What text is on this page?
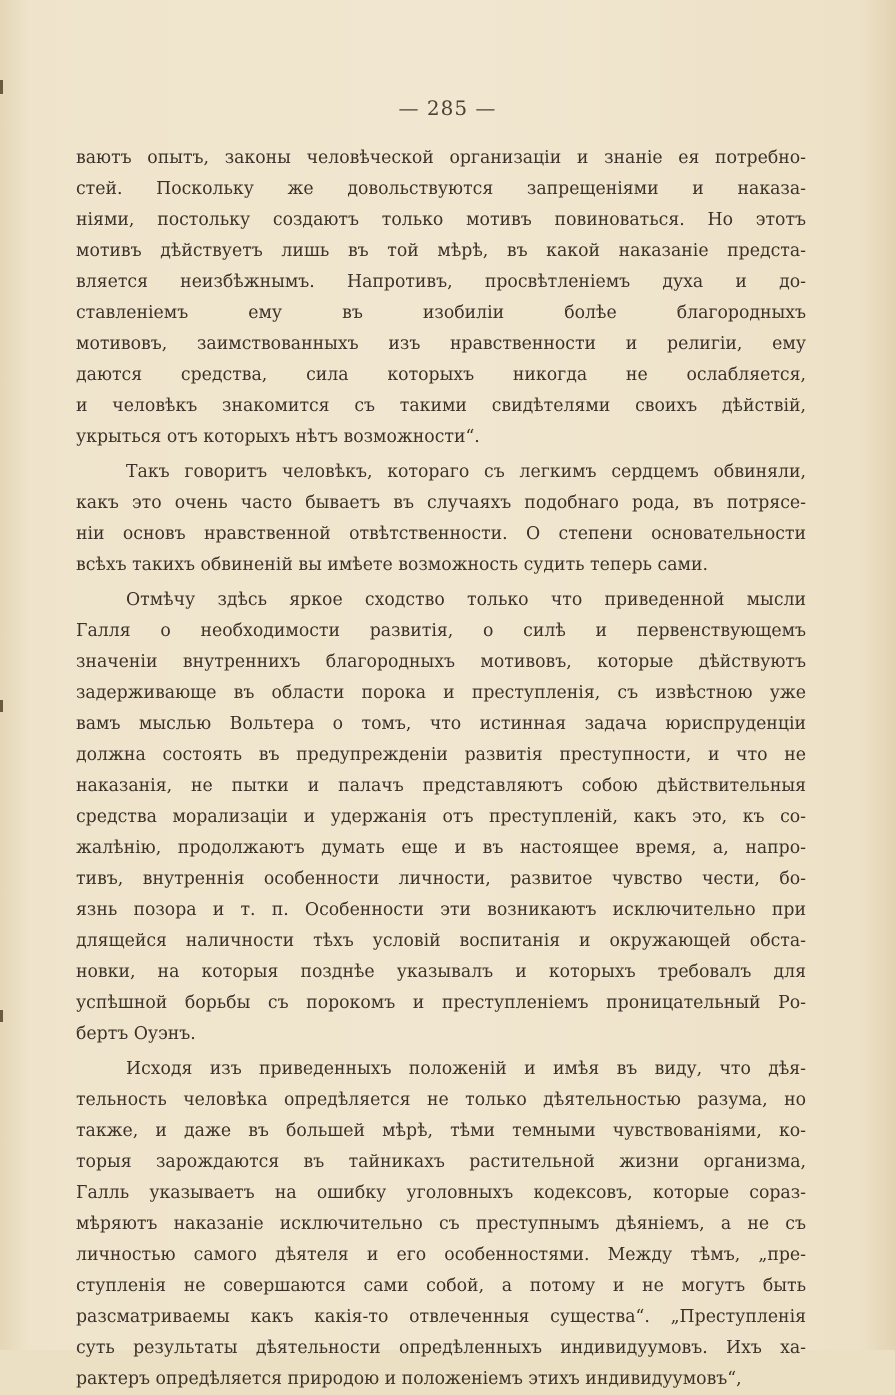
— 285 —
ваютъ опытъ, законы человѣческой организаціи и знаніе ея потребно-
стей. Поскольку же довольствуются запрещеніями и наказа-
ніями, постольку создаютъ только мотивъ повиноваться. Но этотъ
мотивъ дѣйствуетъ лишь въ той мѣрѣ, въ какой наказаніе предста-
вляется неизбѣжнымъ. Напротивъ, просвѣтленіемъ духа и до-
ставленіемъ ему въ изобиліи болѣе благородныхъ
мотивовъ, заимствованныхъ изъ нравственности и религіи, ему
даются средства, сила которыхъ никогда не ослабляется,
и человѣкъ знакомится съ такими свидѣтелями своихъ дѣйствій,
укрыться отъ которыхъ нѣтъ возможности“.
Такъ говоритъ человѣкъ, котораго съ легкимъ сердцемъ обвиняли,
какъ это очень часто бываетъ въ случаяхъ подобнаго рода, въ потрясе-
ніи основъ нравственной отвѣтственности. О степени основательности
всѣхъ такихъ обвиненій вы имѣете возможность судить теперь сами.
Отмѣчу здѣсь яркое сходство только что приведенной мысли
Галля о необходимости развитія, о силѣ и первенствующемъ
значеніи внутреннихъ благородныхъ мотивовъ, которые дѣйствуютъ
задерживающе въ области порока и преступленія, съ извѣстною уже
вамъ мыслью Вольтера о томъ, что истинная задача юриспруденціи
должна состоять въ предупрежденіи развитія преступности, и что не
наказанія, не пытки и палачъ представляютъ собою дѣйствительныя
средства морализаціи и удержанія отъ преступленій, какъ это, къ со-
жалѣнію, продолжаютъ думать еще и въ настоящее время, а, напро-
тивъ, внутреннія особенности личности, развитое чувство чести, бо-
язнь позора и т. п. Особенности эти возникаютъ исключительно при
длящейся наличности тѣхъ условій воспитанія и окружающей обста-
новки, на которыя позднѣе указывалъ и которыхъ требовалъ для
успѣшной борьбы съ порокомъ и преступленіемъ проницательный Ро-
бертъ Оуэнъ.
Исходя изъ приведенныхъ положеній и имѣя въ виду, что дѣя-
тельность человѣка опредѣляется не только дѣятельностью разума, но
также, и даже въ большей мѣрѣ, тѣми темными чувствованіями, ко-
торыя зарождаются въ тайникахъ растительной жизни организма,
Галль указываетъ на ошибку уголовныхъ кодексовъ, которые сораз-
мѣряютъ наказаніе исключительно съ преступнымъ дѣяніемъ, а не съ
личностью самого дѣятеля и его особенностями. Между тѣмъ, „пре-
ступленія не совершаются сами собой, а потому и не могутъ быть
разсматриваемы какъ какія-то отвлеченныя существа“. „Преступленія
суть результаты дѣятельности опредѣленныхъ индивидуумовъ. Ихъ ха-
рактеръ опредѣляется природою и положеніемъ этихъ индивидуумовъ“,
